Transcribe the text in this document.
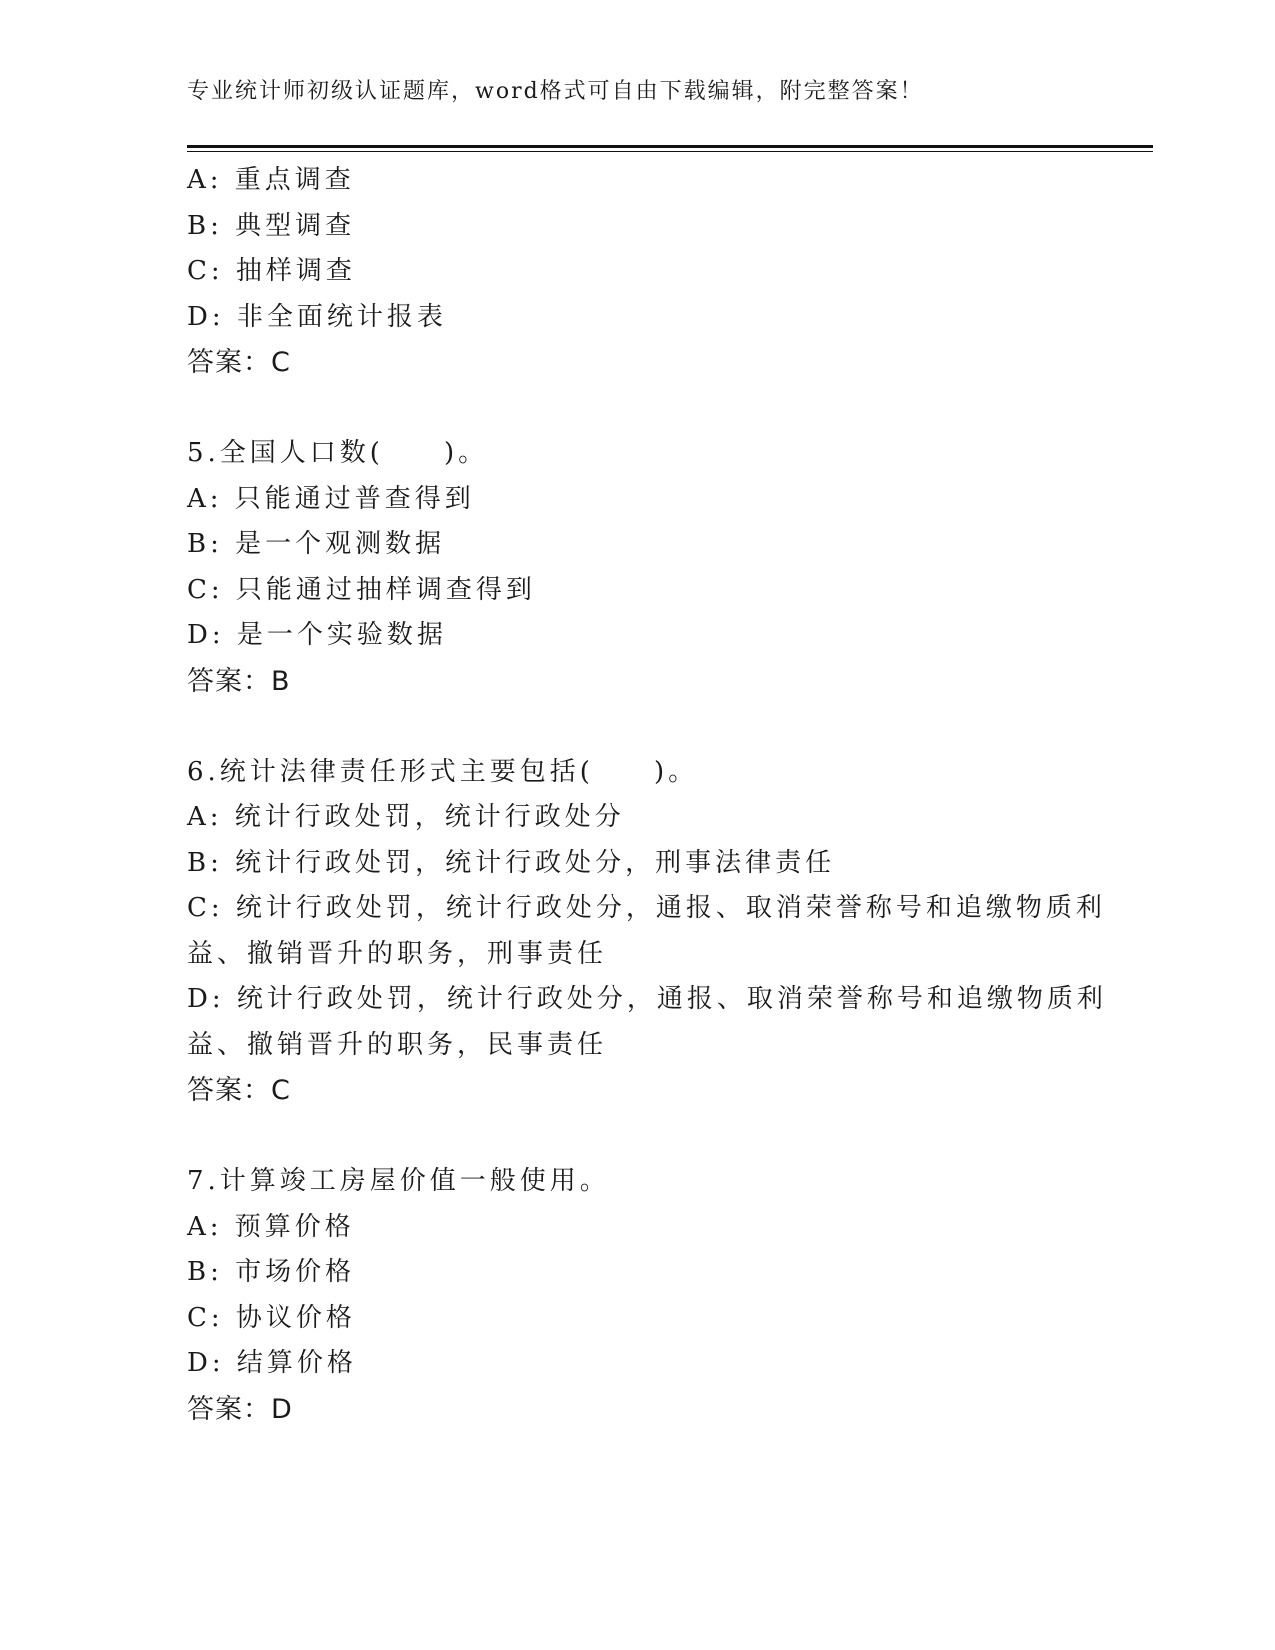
专业统计师初级认证题库，word格式可自由下载编辑，附完整答案！
A: 重点调查
B: 典型调查
C: 抽样调查
D: 非全面统计报表
答案：C
5.全国人口数(　　)。
A: 只能通过普查得到
B: 是一个观测数据
C: 只能通过抽样调查得到
D: 是一个实验数据
答案：B
6.统计法律责任形式主要包括(　　)。
A: 统计行政处罚，统计行政处分
B: 统计行政处罚，统计行政处分，刑事法律责任
C: 统计行政处罚，统计行政处分，通报、取消荣誉称号和追缴物质利
益、撤销晋升的职务，刑事责任
D: 统计行政处罚，统计行政处分，通报、取消荣誉称号和追缴物质利
益、撤销晋升的职务，民事责任
答案：C
7.计算竣工房屋价值一般使用。
A: 预算价格
B: 市场价格
C: 协议价格
D: 结算价格
答案：D
